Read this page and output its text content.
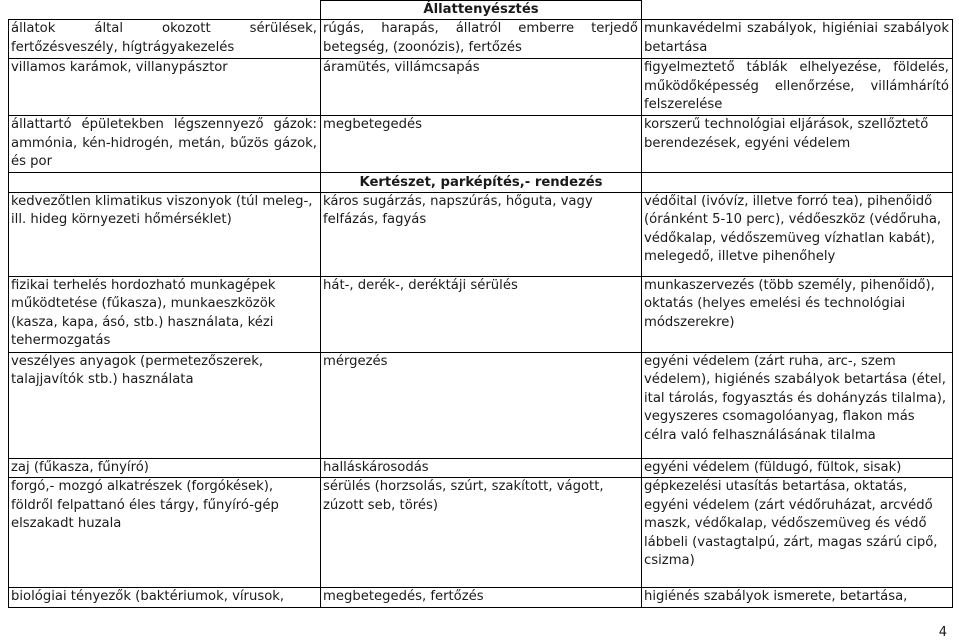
	Állattenyésztés	
állatok által okozott sérülések, fertőzésveszély, hígtrágyakezelés	rúgás, harapás, állatról emberre terjedő betegség, (zoonózis), fertőzés	munkavédelmi szabályok, higiéniai szabályok betartása
villamos karámok, villanypásztor	áramütés, villámcsapás	figyelmeztető táblák elhelyezése, földelés, működőképesség ellenőrzése, villámhárító felszerelése
állattartó épületekben légszennyező gázok: ammónia, kén-hidrogén, metán, bűzös gázok, és por	megbetegedés	korszerű technológiai eljárások, szellőztető berendezések, egyéni védelem
	Kertészet, parképítés,- rendezés	
kedvezőtlen klimatikus viszonyok (túl meleg-, ill. hideg környezeti hőmérséklet)	káros sugárzás, napszúrás, hőguta, vagy felfázás, fagyás	védőital (ivóvíz, illetve forró tea), pihenőidő (óránként 5-10 perc), védőeszköz (védőruha, védőkalap, védőszemüveg vízhatlan kabát), melegedő, illetve pihenőhely
fizikai terhelés hordozható munkagépek működtetése (fűkasza), munkaeszközök (kasza, kapa, ásó, stb.) használata, kézi tehermozgatás	hát-, derék-, deréktáji sérülés	munkaszervezés (több személy, pihenőidő), oktatás (helyes emelési és technológiai módszerekre)
veszélyes anyagok (permetezőszerek, talajjavítók stb.) használata	mérgezés	egyéni védelem (zárt ruha, arc-, szem védelem), higiénés szabályok betartása (étel, ital tárolás, fogyasztás és dohányzás tilalma), vegyszeres csomagolóanyag, flakon más célra való felhasználásának tilalma
zaj (fűkasza, fűnyíró)	halláskárosodás	egyéni védelem (füldugó, fültok, sisak)
forgó,- mozgó alkatrészek (forgókések), földről felpattanó éles tárgy, fűnyíró-gép elszakadt huzala	sérülés (horzsolás, szúrt, szakított, vágott, zúzott seb, törés)	gépkezelési utasítás betartása, oktatás, egyéni védelem (zárt védőruházat, arcvédő maszk, védőkalap, védőszemüveg és védő lábbeli (vastagtalpú, zárt, magas szárú cipő, csizma)
biológiai tényezők (baktériumok, vírusok,	megbetegedés, fertőzés	higiénés szabályok ismerete, betartása,
4
